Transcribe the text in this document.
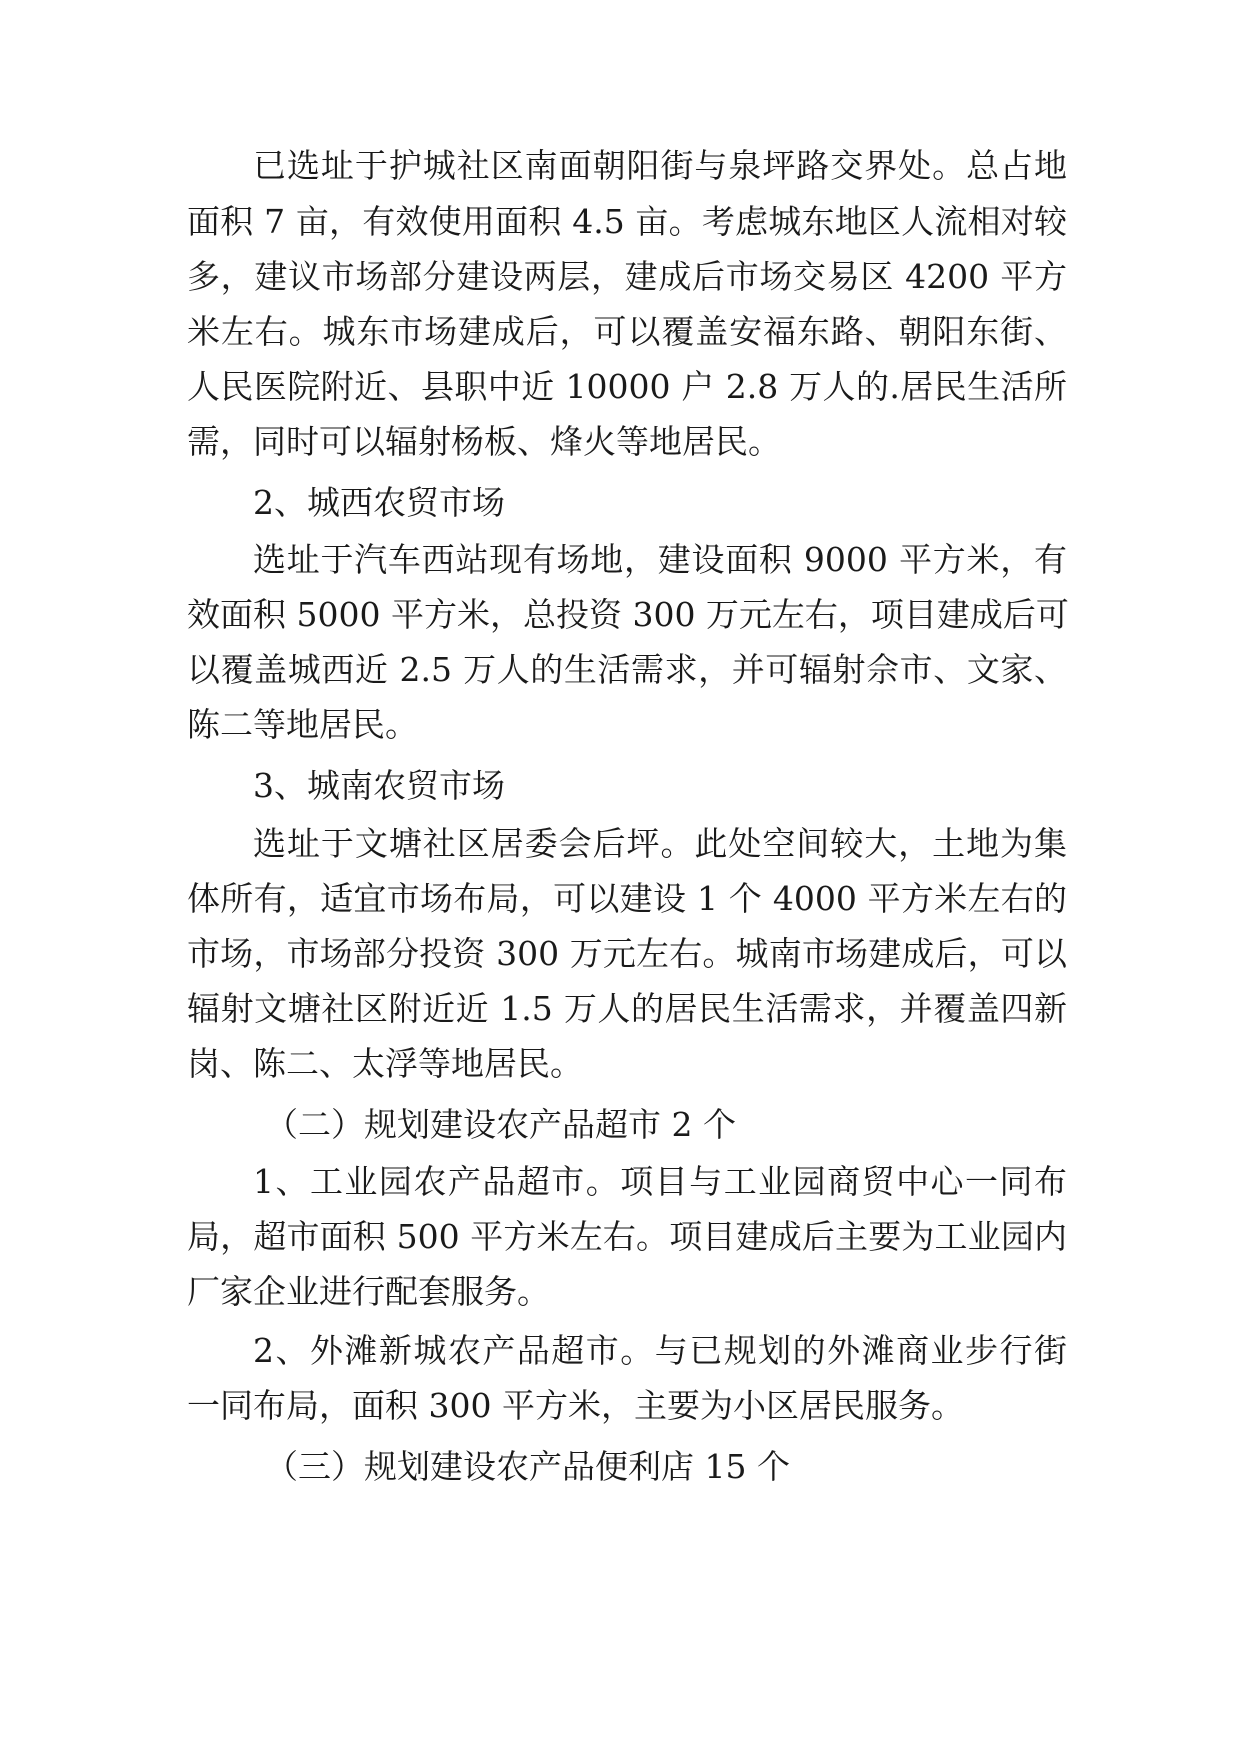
已选址于护城社区南面朝阳街与泉坪路交界处。总占地
面积 7 亩，有效使用面积 4.5 亩。考虑城东地区人流相对较
多，建议市场部分建设两层，建成后市场交易区 4200 平方
米左右。城东市场建成后，可以覆盖安福东路、朝阳东街、
人民医院附近、县职中近 10000 户 2.8 万人的.居民生活所
需，同时可以辐射杨板、烽火等地居民。
2、城西农贸市场
选址于汽车西站现有场地，建设面积 9000 平方米，有
效面积 5000 平方米，总投资 300 万元左右，项目建成后可
以覆盖城西近 2.5 万人的生活需求，并可辐射佘市、文家、
陈二等地居民。
3、城南农贸市场
选址于文塘社区居委会后坪。此处空间较大，土地为集
体所有，适宜市场布局，可以建设 1 个 4000 平方米左右的
市场，市场部分投资 300 万元左右。城南市场建成后，可以
辐射文塘社区附近近 1.5 万人的居民生活需求，并覆盖四新
岗、陈二、太浮等地居民。
（二）规划建设农产品超市 2 个
1、工业园农产品超市。项目与工业园商贸中心一同布
局，超市面积 500 平方米左右。项目建成后主要为工业园内
厂家企业进行配套服务。
2、外滩新城农产品超市。与已规划的外滩商业步行街
一同布局，面积 300 平方米，主要为小区居民服务。
（三）规划建设农产品便利店 15 个
